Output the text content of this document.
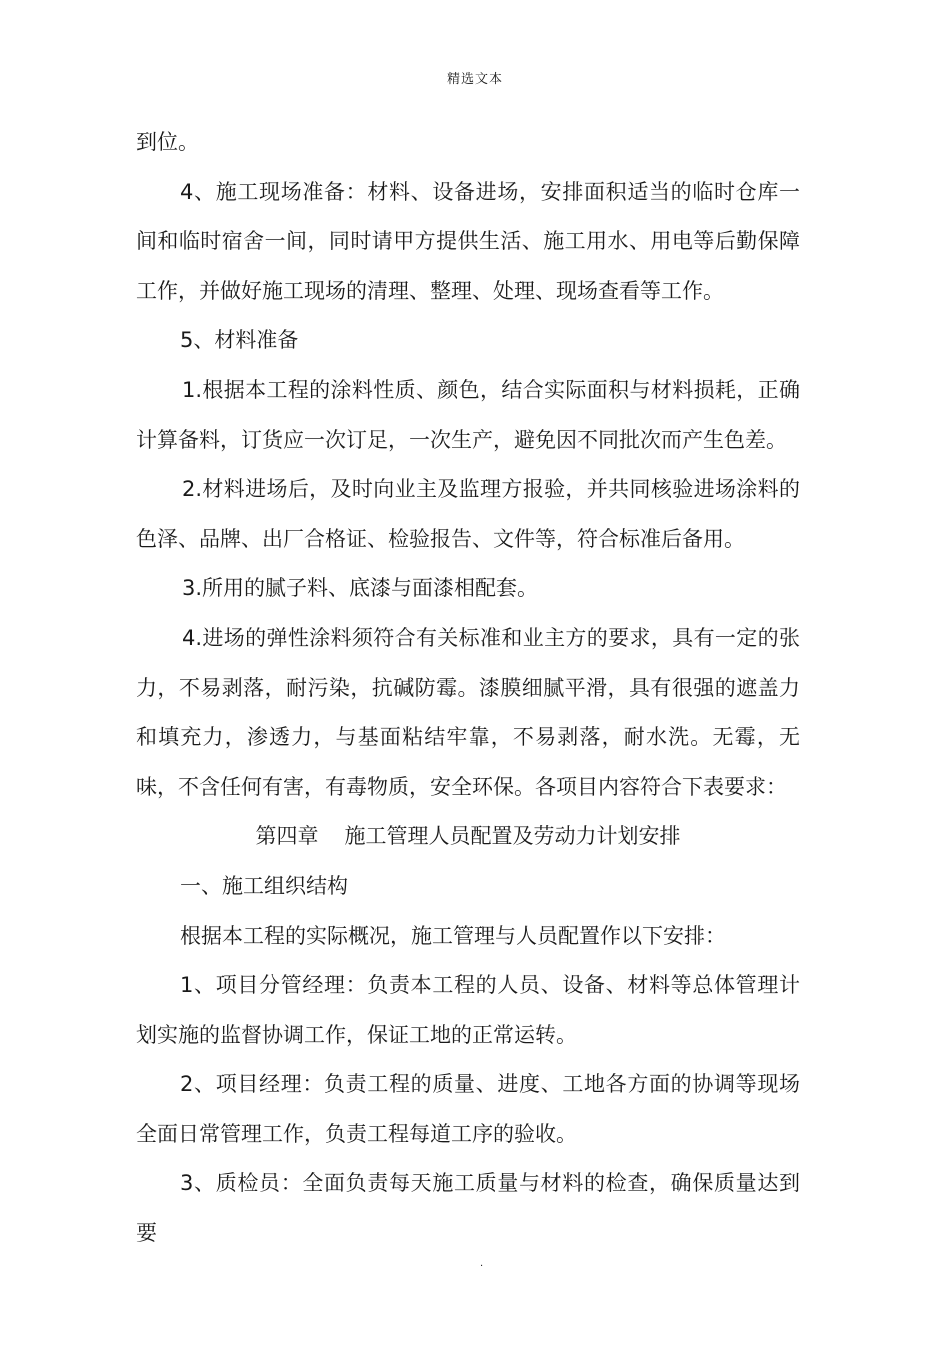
精选文本

到位。

4、施工现场准备：材料、设备进场，安排面积适当的临时仓库一间和临时宿舍一间，同时请甲方提供生活、施工用水、用电等后勤保障工作，并做好施工现场的清理、整理、处理、现场查看等工作。

5、材料准备

1.根据本工程的涂料性质、颜色，结合实际面积与材料损耗，正确计算备料，订货应一次订足，一次生产，避免因不同批次而产生色差。

2.材料进场后，及时向业主及监理方报验，并共同核验进场涂料的色泽、品牌、出厂合格证、检验报告、文件等，符合标准后备用。

3.所用的腻子料、底漆与面漆相配套。

4.进场的弹性涂料须符合有关标准和业主方的要求，具有一定的张力，不易剥落，耐污染，抗碱防霉。漆膜细腻平滑，具有很强的遮盖力和填充力，渗透力，与基面粘结牢靠，不易剥落，耐水洗。无霉，无味，不含任何有害，有毒物质，安全环保。各项目内容符合下表要求：

第四章 施工管理人员配置及劳动力计划安排

一、施工组织结构

根据本工程的实际概况，施工管理与人员配置作以下安排：

1、项目分管经理：负责本工程的人员、设备、材料等总体管理计划实施的监督协调工作，保证工地的正常运转。

2、项目经理：负责工程的质量、进度、工地各方面的协调等现场全面日常管理工作，负责工程每道工序的验收。

3、质检员：全面负责每天施工质量与材料的检查，确保质量达到要

.
